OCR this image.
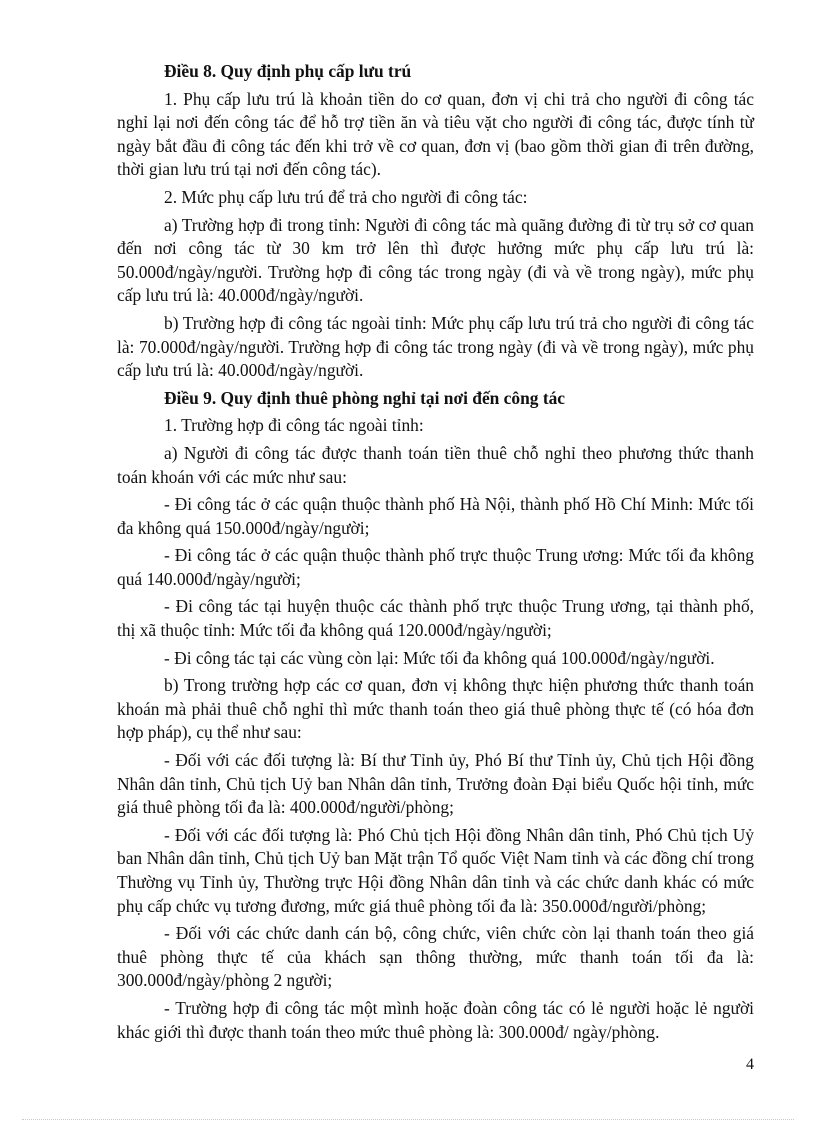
Điều 8. Quy định phụ cấp lưu trú

1. Phụ cấp lưu trú là khoản tiền do cơ quan, đơn vị chi trả cho người đi công tác nghỉ lại nơi đến công tác để hỗ trợ tiền ăn và tiêu vặt cho người đi công tác, được tính từ ngày bắt đầu đi công tác đến khi trở về cơ quan, đơn vị (bao gồm thời gian đi trên đường, thời gian lưu trú tại nơi đến công tác).

2. Mức phụ cấp lưu trú để trả cho người đi công tác:

a) Trường hợp đi trong tỉnh: Người đi công tác mà quãng đường đi từ trụ sở cơ quan đến nơi công tác từ 30 km trở lên thì được hưởng mức phụ cấp lưu trú là: 50.000đ/ngày/người. Trường hợp đi công tác trong ngày (đi và về trong ngày), mức phụ cấp lưu trú là: 40.000đ/ngày/người.

b) Trường hợp đi công tác ngoài tỉnh: Mức phụ cấp lưu trú trả cho người đi công tác là: 70.000đ/ngày/người. Trường hợp đi công tác trong ngày (đi và về trong ngày), mức phụ cấp lưu trú là: 40.000đ/ngày/người.

Điều 9. Quy định thuê phòng nghỉ tại nơi đến công tác

1. Trường hợp đi công tác ngoài tỉnh:

a) Người đi công tác được thanh toán tiền thuê chỗ nghỉ theo phương thức thanh toán khoán với các mức như sau:

- Đi công tác ở các quận thuộc thành phố Hà Nội, thành phố Hồ Chí Minh: Mức tối đa không quá 150.000đ/ngày/người;

- Đi công tác ở các quận thuộc thành phố trực thuộc Trung ương: Mức tối đa không quá 140.000đ/ngày/người;

- Đi công tác tại huyện thuộc các thành phố trực thuộc Trung ương, tại thành phố, thị xã thuộc tỉnh: Mức tối đa không quá 120.000đ/ngày/người;

- Đi công tác tại các vùng còn lại: Mức tối đa không quá 100.000đ/ngày/người.

b) Trong trường hợp các cơ quan, đơn vị không thực hiện phương thức thanh toán khoán mà phải thuê chỗ nghỉ thì mức thanh toán theo giá thuê phòng thực tế (có hóa đơn hợp pháp), cụ thể như sau:

- Đối với các đối tượng là: Bí thư Tỉnh ủy, Phó Bí thư Tỉnh ủy, Chủ tịch Hội đồng Nhân dân tỉnh, Chủ tịch Uỷ ban Nhân dân tỉnh, Trưởng đoàn Đại biểu Quốc hội tỉnh, mức giá thuê phòng tối đa là: 400.000đ/người/phòng;

- Đối với các đối tượng là: Phó Chủ tịch Hội đồng Nhân dân tỉnh, Phó Chủ tịch Uỷ ban Nhân dân tỉnh, Chủ tịch Uỷ ban Mặt trận Tổ quốc Việt Nam tỉnh và các đồng chí trong Thường vụ Tỉnh ủy, Thường trực Hội đồng Nhân dân tỉnh và các chức danh khác có mức phụ cấp chức vụ tương đương, mức giá thuê phòng tối đa là: 350.000đ/người/phòng;

- Đối với các chức danh cán bộ, công chức, viên chức còn lại thanh toán theo giá thuê phòng thực tế của khách sạn thông thường, mức thanh toán tối đa là: 300.000đ/ngày/phòng 2 người;

- Trường hợp đi công tác một mình hoặc đoàn công tác có lẻ người hoặc lẻ người khác giới thì được thanh toán theo mức thuê phòng là: 300.000đ/ ngày/phòng.

4
